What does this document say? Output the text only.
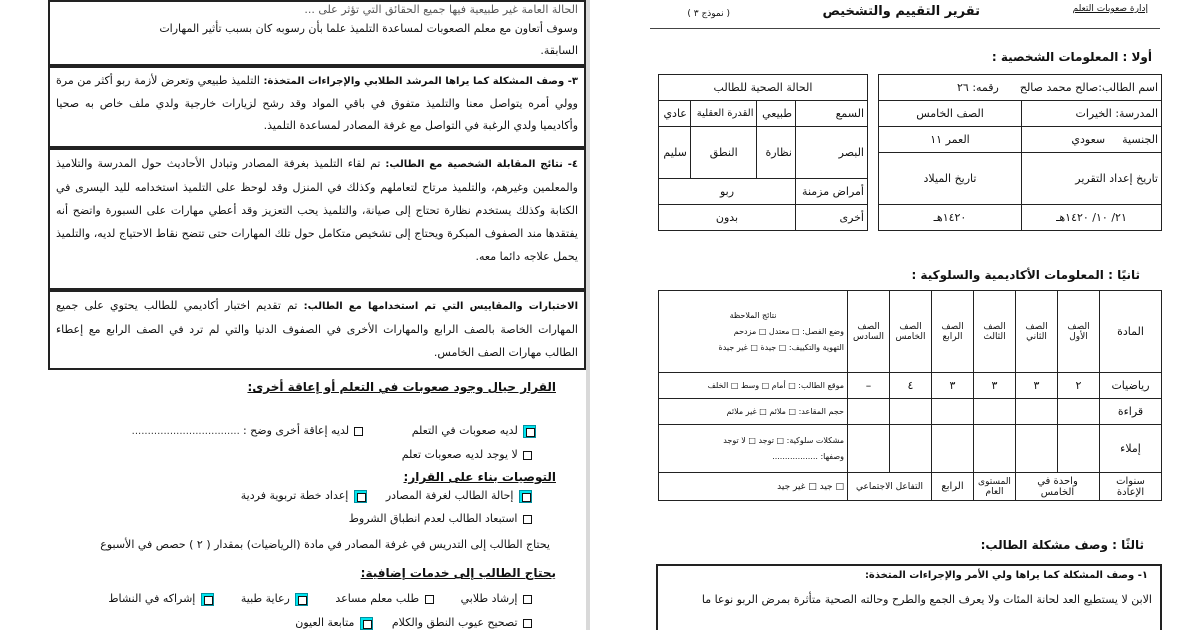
الحالة العامة غير طبيعية فيها جميع الحقائق التي تؤثر على ...
وسوف أتعاون مع معلم الصعوبات لمساعدة التلميذ علما بأن رسوبه كان بسبب تأثير المهارات
السابقة.
٣- وصف المشكلة كما يراها المرشد الطلابي والإجراءات المتخذة: التلميذ طبيعي وتعرض لأزمة ربو أكثر من مرة وولي أمره يتواصل معنا والتلميذ متفوق في باقي المواد وقد رشح لزيارات خارجية ولدي ملف خاص به صحيا وأكاديميا ولدي الرغبة في التواصل مع غرفة المصادر لمساعدة التلميذ.
٤- نتائج المقابلة الشخصية مع الطالب: تم لقاء التلميذ بغرفة المصادر وتبادل الأحاديث حول المدرسة والتلاميذ والمعلمين وغيرهم، والتلميذ مرتاح لتعاملهم وكذلك في المنزل وقد لوحظ على التلميذ استخدامه لليد اليسرى في الكتابة وكذلك يستخدم نظارة تحتاج إلى صيانة، والتلميذ يحب التعزيز وقد أعطي مهارات على السبورة واتضح أنه يفتقدها مند الصفوف المبكرة ويحتاج إلى تشخيص متكامل حول تلك المهارات حتى تتضح نقاط الاحتياج لديه، والتلميذ يحمل علاجه دائما معه.
الاختبارات والمقاييس التي تم استخدامها مع الطالب: تم تقديم اختبار أكاديمي للطالب يحتوي على جميع المهارات الخاصة بالصف الرابع والمهارات الأخرى في الصفوف الدنيا والتي لم ترد في الصف الرابع مع إعطاء الطالب مهارات الصف الخامس.
القرار حيال وجود صعوبات في التعلم أو إعاقة أخرى:
لديه صعوبات في التعلم   لديه إعاقة أخرى وضح : ..................................
لا يوجد لديه صعوبات تعلم
التوصيات بناء على القرار:
إحالة الطالب لغرفة المصادر   إعداد خطة تربوية فردية
استبعاد الطالب لعدم انطباق الشروط
يحتاج الطالب إلى التدريس في غرفة المصادر في مادة (الرياضيات) بمقدار ( ٢ ) حصص في الأسبوع
يحتاج الطالب إلى خدمات إضافية:
إرشاد طلابي   طلب معلم مساعد   رعاية طبية   إشراكه في النشاط
تصحيح عيوب النطق والكلام   متابعة العيون
إدارة صعوبات التعلم
تقرير التقييم والتشخيص
( نموذج ٣ )
أولا : المعلومات الشخصية :
اسم الطالب:صالح محمد صالح  رقمه: ٢٦	
المدرسة: الخيرات	الصف الخامس
الجنسية  سعودي	العمر ١١
تاريخ إعداد التقرير	تاريخ الميلاد
٢١/ ١٠/ ١٤٢٠هـ	١٤٢٠هـ
الحالة الصحية للطالب			
السمع	طبيعي	القدرة العقلية	عادي
البصر	نظارة	النطق	سليم
أمراض مزمنة	ربو		
أخرى	بدون		
ثانيًا : المعلومات الأكاديمية والسلوكية :
المادة	الصف الأول	الصف الثاني	الصف الثالث	الصف الرابع	الصف الخامس	الصف السادس	نتائج الملاحظة
وضع الفصل: □ معتدل □ مزدحم
التهوية والتكييف: □ جيدة □ غير جيدة

رياضيات	٢	٣	٣	٣	٤	–	موقع الطالب: □ أمام □ وسط □ الخلف
قراءة							حجم المقاعد: □ ملائم □ غير ملائم
إملاء							مشكلات سلوكية: □ توجد □ لا توجد
وصفها: ..................

سنوات الإعادة	واحدة في الخامس		المستوى العام	الرابع	التفاعل الاجتماعي		□ جيد □ غير جيد
ثالثًا : وصف مشكلة الطالب:
١- وصف المشكلة كما يراها ولي الأمر والإجراءات المتخذة:
الابن لا يستطيع العد لحانة المئات ولا يعرف الجمع والطرح وحالته الصحية متأثرة بمرض الربو نوعا ما
